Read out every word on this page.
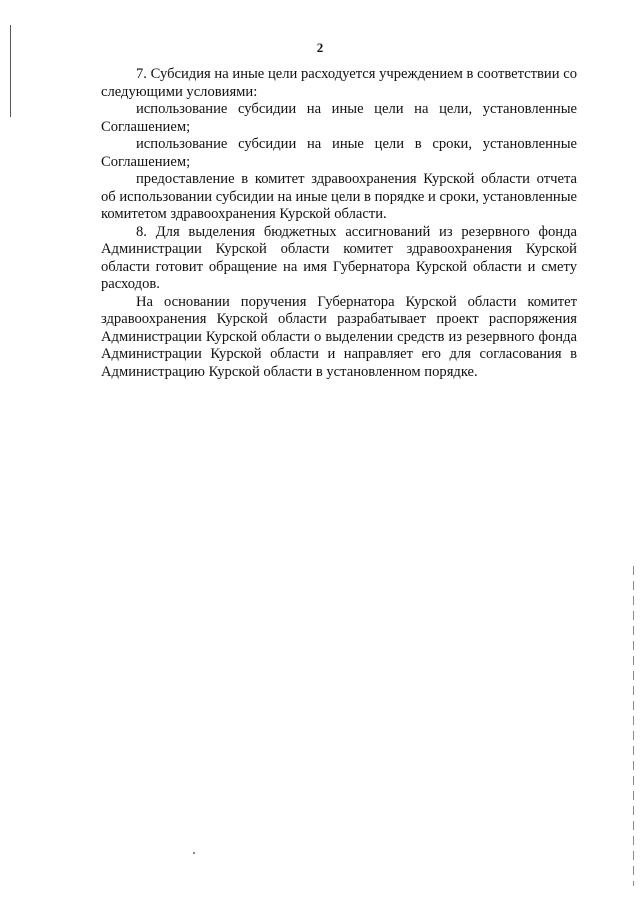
2

7. Субсидия на иные цели расходуется учреждением в соответствии со следующими условиями:

использование субсидии на иные цели на цели, установленные Соглашением;

использование субсидии на иные цели в сроки, установленные Соглашением;

предоставление в комитет здравоохранения Курской области отчета об использовании субсидии на иные цели в порядке и сроки, установленные комитетом здравоохранения Курской области.

8. Для выделения бюджетных ассигнований из резервного фонда Администрации Курской области комитет здравоохранения Курской области готовит обращение на имя Губернатора Курской области и смету расходов.

На основании поручения Губернатора Курской области комитет здравоохранения Курской области разрабатывает проект распоряжения Администрации Курской области о выделении средств из резервного фонда Администрации Курской области и направляет его для согласования в Администрацию Курской области в установленном порядке.
